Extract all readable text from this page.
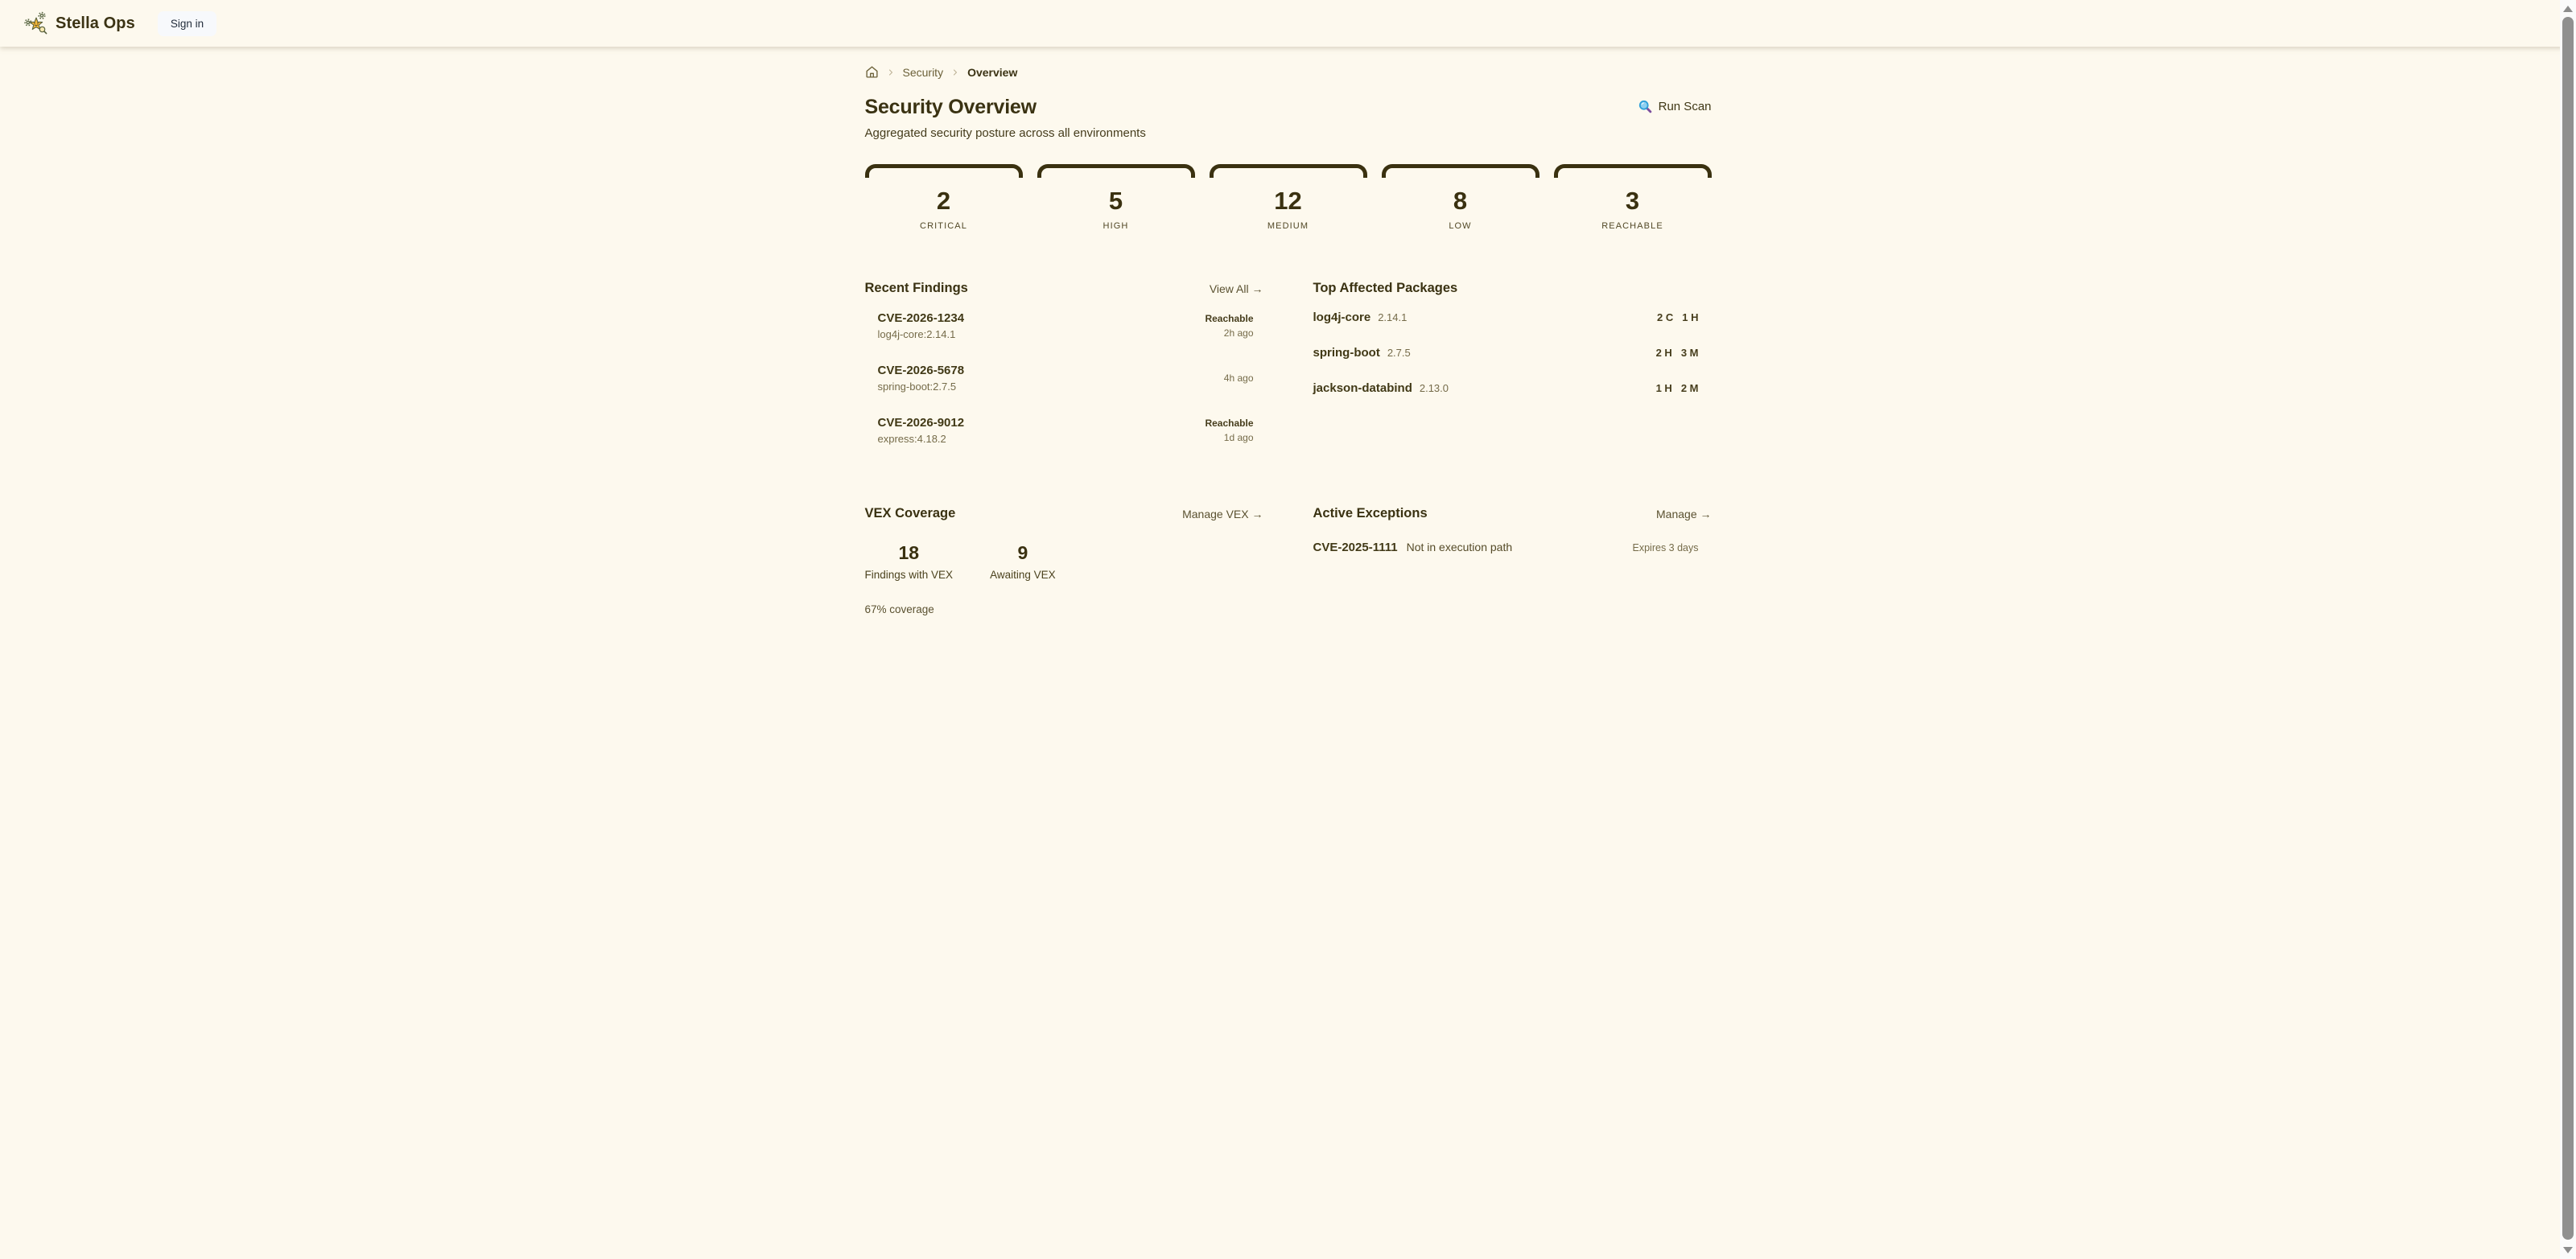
Stella Ops	Sign in
Security Overview
Security Overview

Aggregated security posture across all environments

Run Scan
2
CRITICAL
5
HIGH
12
MEDIUM
8
LOW
3
REACHABLE
Recent Findings	View All →
CVE-2026-1234
log4j-core:2.14.1
Reachable
2h ago
CVE-2026-5678
spring-boot:2.7.5
4h ago
CVE-2026-9012
express:4.18.2
Reachable
1d ago
Top Affected Packages
log4j-core 2.14.1	2 C 1 H
spring-boot 2.7.5	2 H 3 M
jackson-databind 2.13.0	1 H 2 M
VEX Coverage	Manage VEX →
18
Findings with VEX
9
Awaiting VEX
67% coverage
Active Exceptions	Manage →
CVE-2025-1111 Not in execution path	Expires 3 days
